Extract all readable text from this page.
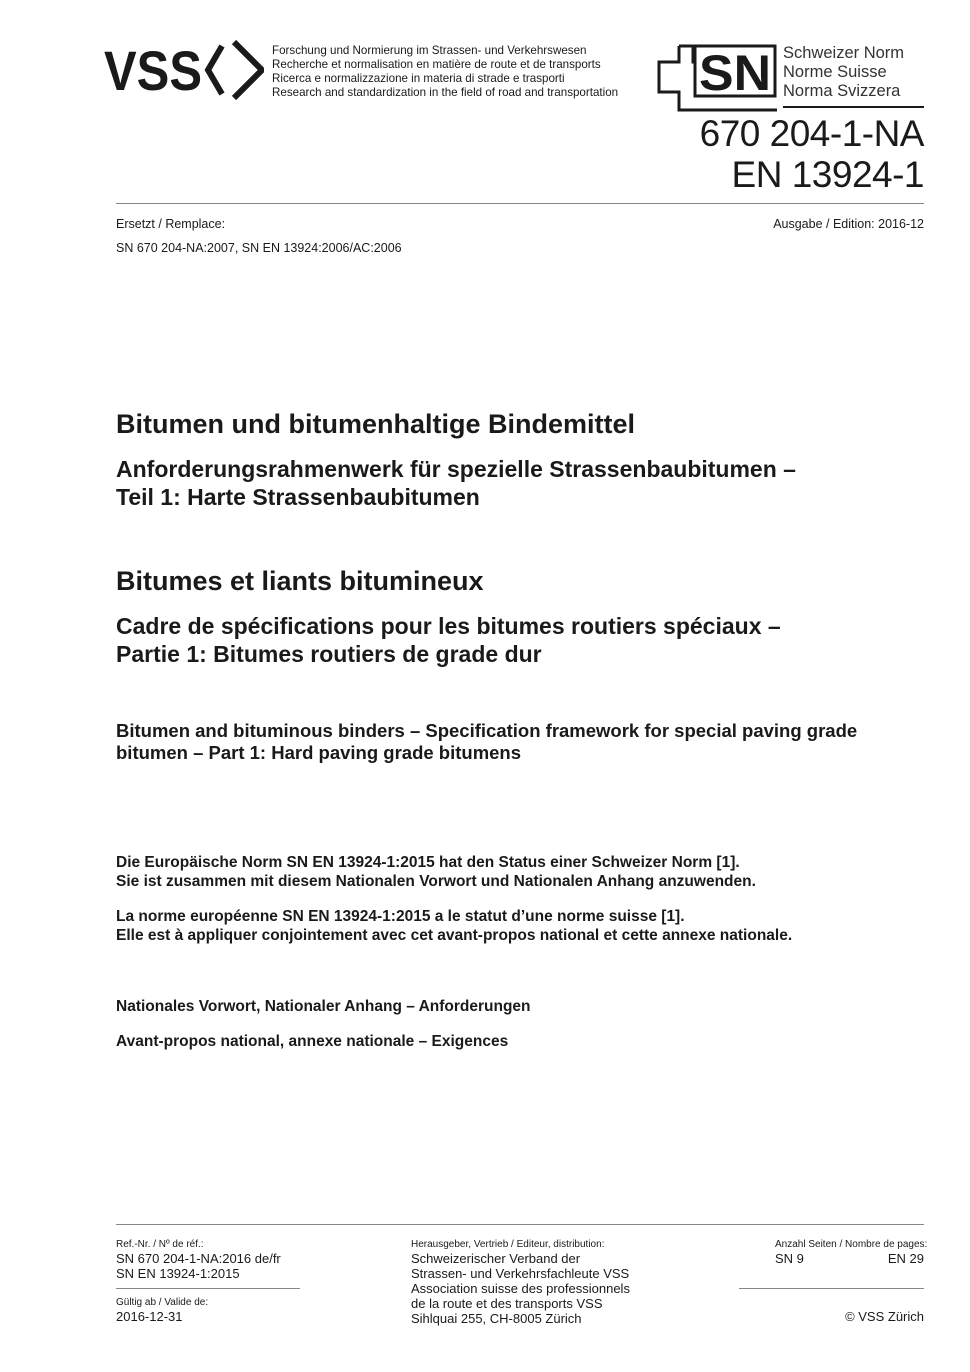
VSS	Forschung und Normierung im Strassen- und Verkehrswesen
Recherche et normalisation en matière de route et de transports
Ricerca e normalizzazione in materia di strade e trasporti
Research and standardization in the field of road and transportation SN Schweizer Norm
Norme Suisse
Norma Svizzera
670 204-1-NA
EN 13924-1
Ersetzt / Remplace:
SN 670 204-NA:2007, SN EN 13924:2006/AC:2006
Ausgabe / Edition: 2016-12
Bitumen und bitumenhaltige Bindemittel
Anforderungsrahmenwerk für spezielle Strassenbaubitumen –
Teil 1: Harte Strassenbaubitumen
Bitumes et liants bitumineux
Cadre de spécifications pour les bitumes routiers spéciaux –
Partie 1: Bitumes routiers de grade dur
Bitumen and bituminous binders – Specification framework for special paving grade
bitumen – Part 1: Hard paving grade bitumens
Die Europäische Norm SN EN 13924-1:2015 hat den Status einer Schweizer Norm [1].
Sie ist zusammen mit diesem Nationalen Vorwort und Nationalen Anhang anzuwenden.
La norme européenne SN EN 13924-1:2015 a le statut d’une norme suisse [1].
Elle est à appliquer conjointement avec cet avant-propos national et cette annexe nationale.
Nationales Vorwort, Nationaler Anhang – Anforderungen
Avant-propos national, annexe nationale – Exigences
Ref.-Nr. / Nº de réf.:
SN 670 204-1-NA:2016 de/fr
SN EN 13924-1:2015
Gültig ab / Valide de:
2016-12-31
Herausgeber, Vertrieb / Editeur, distribution:
Schweizerischer Verband der
Strassen- und Verkehrsfachleute VSS
Association suisse des professionnels
de la route et des transports VSS
Sihlquai 255, CH-8005 Zürich
Anzahl Seiten / Nombre de pages:
SN 9	EN 29
© VSS Zürich
